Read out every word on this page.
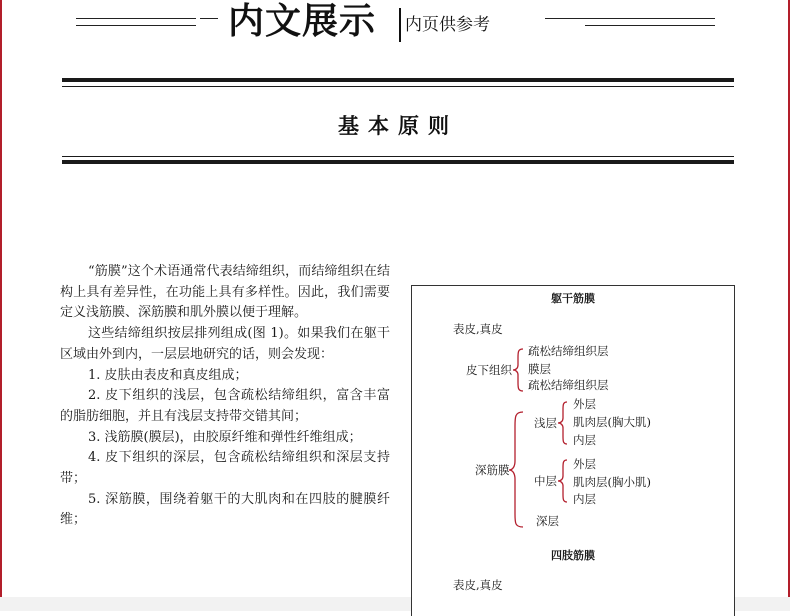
内文展示	内页供参考
基本原则

“筋膜”这个术语通常代表结缔组织，而结缔组织在结构上具有差异性，在功能上具有多样性。因此，我们需要定义浅筋膜、深筋膜和肌外膜以便于理解。

这些结缔组织按层排列组成(图 1)。如果我们在躯干区域由外到内，一层层地研究的话，则会发现：

1. 皮肤由表皮和真皮组成；

2. 皮下组织的浅层，包含疏松结缔组织，富含丰富的脂肪细胞，并且有浅层支持带交错其间；

3. 浅筋膜(膜层)，由胶原纤维和弹性纤维组成；

4. 皮下组织的深层，包含疏松结缔组织和深层支持带；

5. 深筋膜，围绕着躯干的大肌肉和在四肢的腱膜纤维；

躯干筋膜
表皮,真皮
皮下组织
疏松结缔组织层
膜层
疏松结缔组织层
深筋膜
浅层
外层
肌肉层(胸大肌)
内层
中层
外层
肌肉层(胸小肌)
内层
深层
四肢筋膜
表皮,真皮
